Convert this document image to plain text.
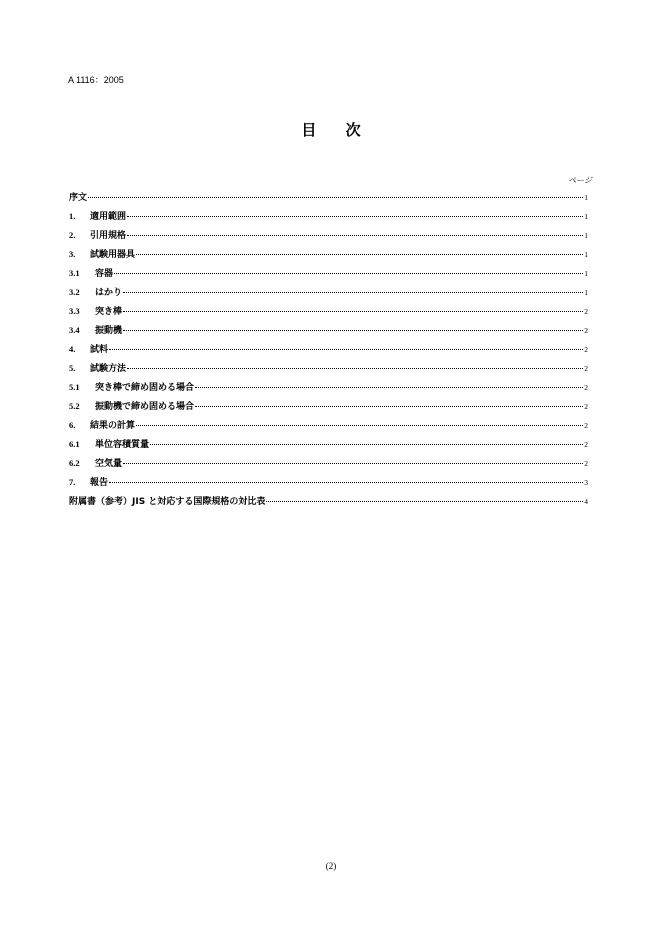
A 1116：2005
目 次
ページ
序文	1
1.	適用範囲	1
2.	引用規格	1
3.	試験用器具	1
3.1	容器	1
3.2	はかり	1
3.3	突き棒	2
3.4	振動機	2
4.	試料	2
5.	試験方法	2
5.1	突き棒で締め固める場合	2
5.2	振動機で締め固める場合	2
6.	結果の計算	2
6.1	単位容積質量	2
6.2	空気量	2
7.	報告	3
附属書（参考）JIS と対応する国際規格の対比表	4
(2)
